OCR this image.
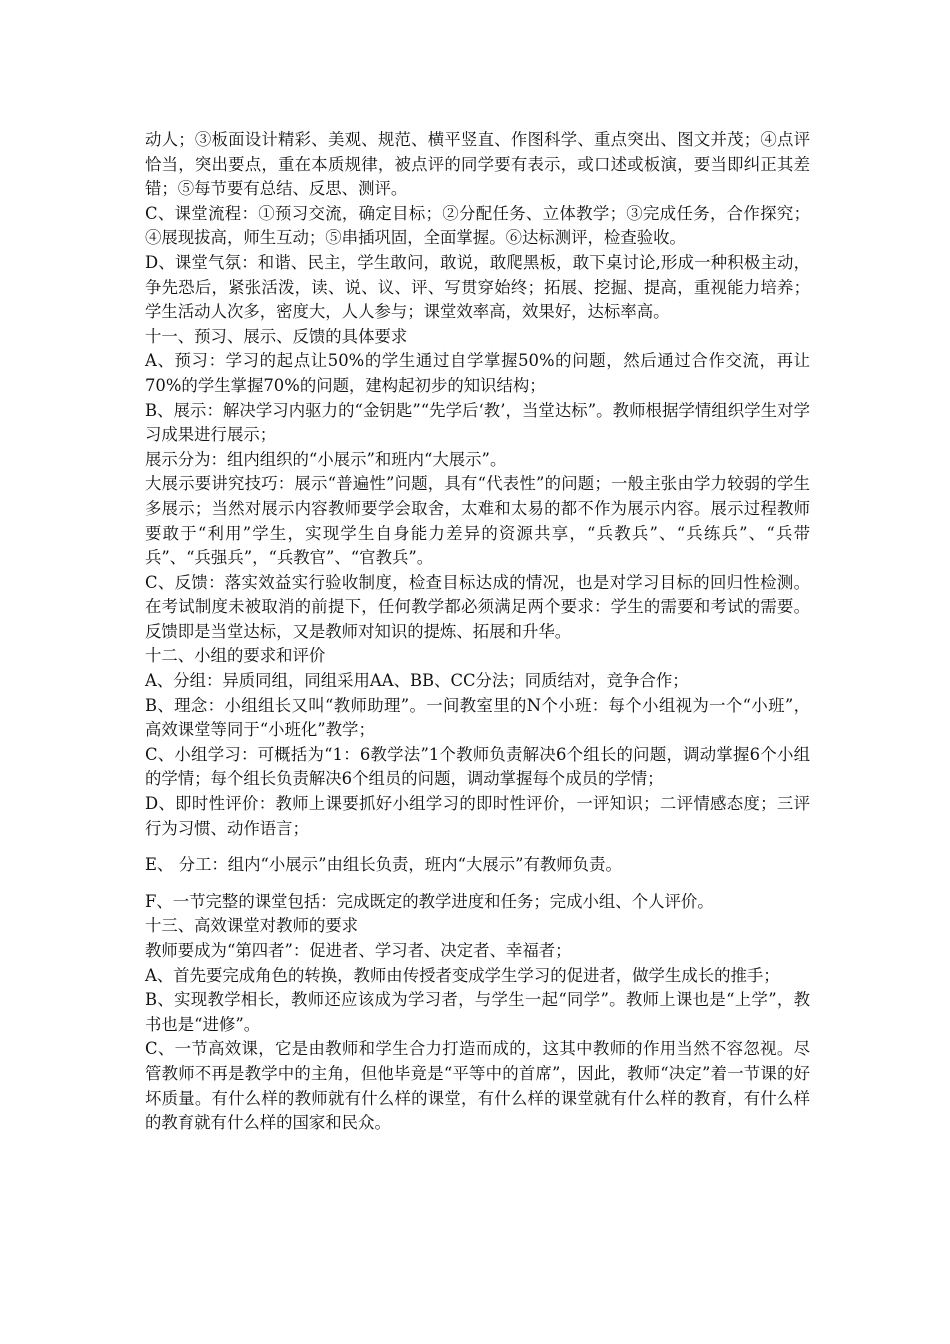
动人；③板面设计精彩、美观、规范、横平竖直、作图科学、重点突出、图文并茂；④点评恰当，突出要点，重在本质规律，被点评的同学要有表示，或口述或板演，要当即纠正其差错；⑤每节要有总结、反思、测评。

C、课堂流程：①预习交流，确定目标；②分配任务、立体教学；③完成任务，合作探究；④展现拔高，师生互动；⑤串插巩固，全面掌握。⑥达标测评，检查验收。

D、课堂气氛：和谐、民主，学生敢问，敢说，敢爬黑板，敢下桌讨论,形成一种积极主动，争先恐后，紧张活泼，读、说、议、评、写贯穿始终；拓展、挖掘、提高，重视能力培养；学生活动人次多，密度大，人人参与；课堂效率高，效果好，达标率高。

十一、预习、展示、反馈的具体要求

A、预习：学习的起点让50%的学生通过自学掌握50%的问题，然后通过合作交流，再让70%的学生掌握70%的问题，建构起初步的知识结构；

B、展示：解决学习内驱力的“金钥匙”“先学后‘教’，当堂达标”。教师根据学情组织学生对学习成果进行展示；

展示分为：组内组织的“小展示”和班内“大展示”。

大展示要讲究技巧：展示“普遍性”问题，具有“代表性”的问题；一般主张由学力较弱的学生多展示；当然对展示内容教师要学会取舍，太难和太易的都不作为展示内容。展示过程教师要敢于“利用”学生，实现学生自身能力差异的资源共享，“兵教兵”、“兵练兵”、“兵带兵”、“兵强兵”，“兵教官”、“官教兵”。

C、反馈：落实效益实行验收制度，检查目标达成的情况，也是对学习目标的回归性检测。在考试制度未被取消的前提下，任何教学都必须满足两个要求：学生的需要和考试的需要。反馈即是当堂达标，又是教师对知识的提炼、拓展和升华。

十二、小组的要求和评价

A、分组：异质同组，同组采用AA、BB、CC分法；同质结对，竞争合作；

B、理念：小组组长又叫“教师助理”。一间教室里的N个小班：每个小组视为一个“小班”，高效课堂等同于“小班化”教学；

C、小组学习：可概括为“1：6教学法”1个教师负责解决6个组长的问题，调动掌握6个小组的学情；每个组长负责解决6个组员的问题，调动掌握每个成员的学情；

D、即时性评价：教师上课要抓好小组学习的即时性评价，一评知识；二评情感态度；三评行为习惯、动作语言；

E、 分工：组内“小展示”由组长负责，班内“大展示”有教师负责。

F、一节完整的课堂包括：完成既定的教学进度和任务；完成小组、个人评价。

十三、高效课堂对教师的要求

教师要成为“第四者”：促进者、学习者、决定者、幸福者；

A、首先要完成角色的转换，教师由传授者变成学生学习的促进者，做学生成长的推手；

B、实现教学相长，教师还应该成为学习者，与学生一起“同学”。教师上课也是“上学”，教书也是“进修”。

C、一节高效课，它是由教师和学生合力打造而成的，这其中教师的作用当然不容忽视。尽管教师不再是教学中的主角，但他毕竟是“平等中的首席”，因此，教师“决定”着一节课的好坏质量。有什么样的教师就有什么样的课堂，有什么样的课堂就有什么样的教育，有什么样的教育就有什么样的国家和民众。
